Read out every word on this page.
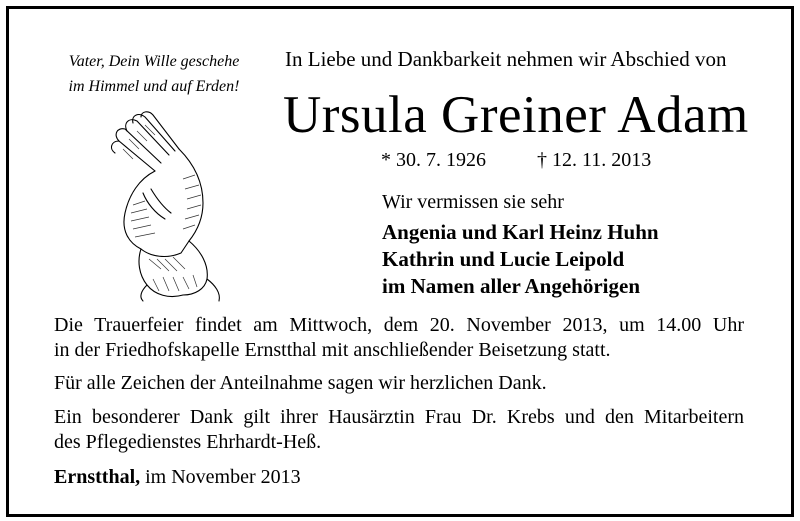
Vater, Dein Wille geschehe
im Himmel und auf Erden!
In Liebe und Dankbarkeit nehmen wir Abschied von
Ursula Greiner Adam
* 30. 7. 1926	† 12. 11. 2013
Wir vermissen sie sehr
Angenia und Karl Heinz Huhn
Kathrin und Lucie Leipold
im Namen aller Angehörigen

Die Trauerfeier findet am Mittwoch, dem 20. November 2013, um 14.00 Uhr

in der Friedhofskapelle Ernstthal mit anschließender Beisetzung statt.

Für alle Zeichen der Anteilnahme sagen wir herzlichen Dank.

Ein besonderer Dank gilt ihrer Hausärztin Frau Dr. Krebs und den Mitarbeitern

des Pflegedienstes Ehrhardt-Heß.

Ernstthal, im November 2013
